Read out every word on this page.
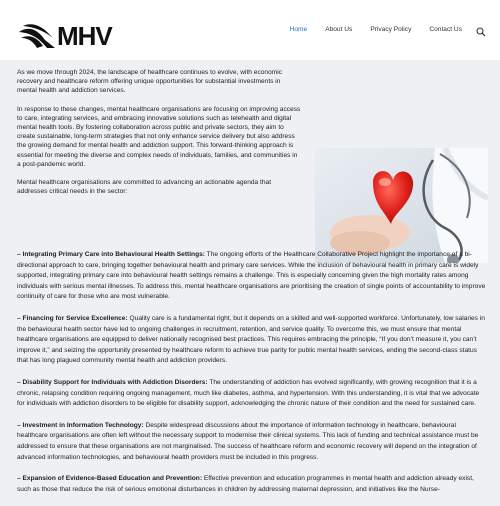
MHV	Home	About Us	Privacy Policy	Contact Us

As we move through 2024, the landscape of healthcare continues to evolve, with economic recovery and healthcare reform offering unique opportunities for substantial investments in mental health and addiction services.

In response to these changes, mental healthcare organisations are focusing on improving access to care, integrating services, and embracing innovative solutions such as telehealth and digital mental health tools. By fostering collaboration across public and private sectors, they aim to create sustainable, long-term strategies that not only enhance service delivery but also address the growing demand for mental health and addiction support. This forward-thinking approach is essential for meeting the diverse and complex needs of individuals, families, and communities in a post-pandemic world.

Mental healthcare organisations are committed to advancing an actionable agenda that addresses critical needs in the sector:

– Integrating Primary Care into Behavioural Health Settings: The ongoing efforts of the Healthcare Collaborative Project highlight the importance of a bi-directional approach to care, bringing together behavioural health and primary care services. While the inclusion of behavioural health in primary care is widely supported, integrating primary care into behavioural health settings remains a challenge. This is especially concerning given the high mortality rates among individuals with serious mental illnesses. To address this, mental healthcare organisations are prioritising the creation of single points of accountability to improve continuity of care for those who are most vulnerable.

– Financing for Service Excellence: Quality care is a fundamental right, but it depends on a skilled and well-supported workforce. Unfortunately, low salaries in the behavioural health sector have led to ongoing challenges in recruitment, retention, and service quality. To overcome this, we must ensure that mental healthcare organisations are equipped to deliver nationally recognised best practices. This requires embracing the principle, “If you don’t measure it, you can’t improve it,” and seizing the opportunity presented by healthcare reform to achieve true parity for public mental health services, ending the second-class status that has long plagued community mental health and addiction providers.

– Disability Support for Individuals with Addiction Disorders: The understanding of addiction has evolved significantly, with growing recognition that it is a chronic, relapsing condition requiring ongoing management, much like diabetes, asthma, and hypertension. With this understanding, it is vital that we advocate for individuals with addiction disorders to be eligible for disability support, acknowledging the chronic nature of their condition and the need for sustained care.

– Investment in Information Technology: Despite widespread discussions about the importance of information technology in healthcare, behavioural healthcare organisations are often left without the necessary support to modernise their clinical systems. This lack of funding and technical assistance must be addressed to ensure that these organisations are not marginalised. The success of healthcare reform and economic recovery will depend on the integration of advanced information technologies, and behavioural health providers must be included in this progress.

– Expansion of Evidence-Based Education and Prevention: Effective prevention and education programmes in mental health and addiction already exist, such as those that reduce the risk of serious emotional disturbances in children by addressing maternal depression, and initiatives like the Nurse-
